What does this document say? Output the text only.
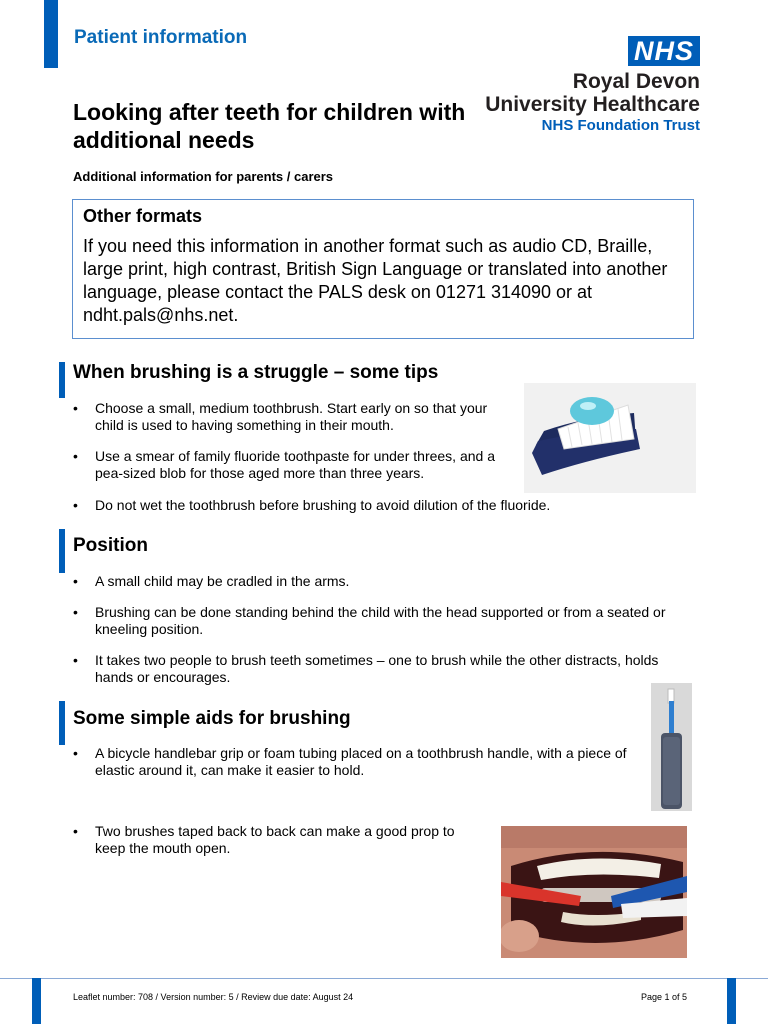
Patient information	NHS
Royal Devon
University Healthcare
NHS Foundation Trust
Looking after teeth for children with additional needs
Additional information for parents / carers
Other formats

If you need this information in another format such as audio CD, Braille, large print, high contrast, British Sign Language or translated into another language, please contact the PALS desk on 01271 314090 or at ndht.pals@nhs.net.

When brushing is a struggle – some tips
• Choose a small, medium toothbrush. Start early on so that your child is used to having something in their mouth.
• Use a smear of family fluoride toothpaste for under threes, and a pea-sized blob for those aged more than three years.
• Do not wet the toothbrush before brushing to avoid dilution of the fluoride.
Position
• A small child may be cradled in the arms.
• Brushing can be done standing behind the child with the head supported or from a seated or kneeling position.
• It takes two people to brush teeth sometimes – one to brush while the other distracts, holds hands or encourages.
Some simple aids for brushing
• A bicycle handlebar grip or foam tubing placed on a toothbrush handle, with a piece of elastic around it, can make it easier to hold.
• Two brushes taped back to back can make a good prop to keep the mouth open.
Leaflet number: 708 / Version number: 5 / Review due date: August 24	Page 1 of 5
